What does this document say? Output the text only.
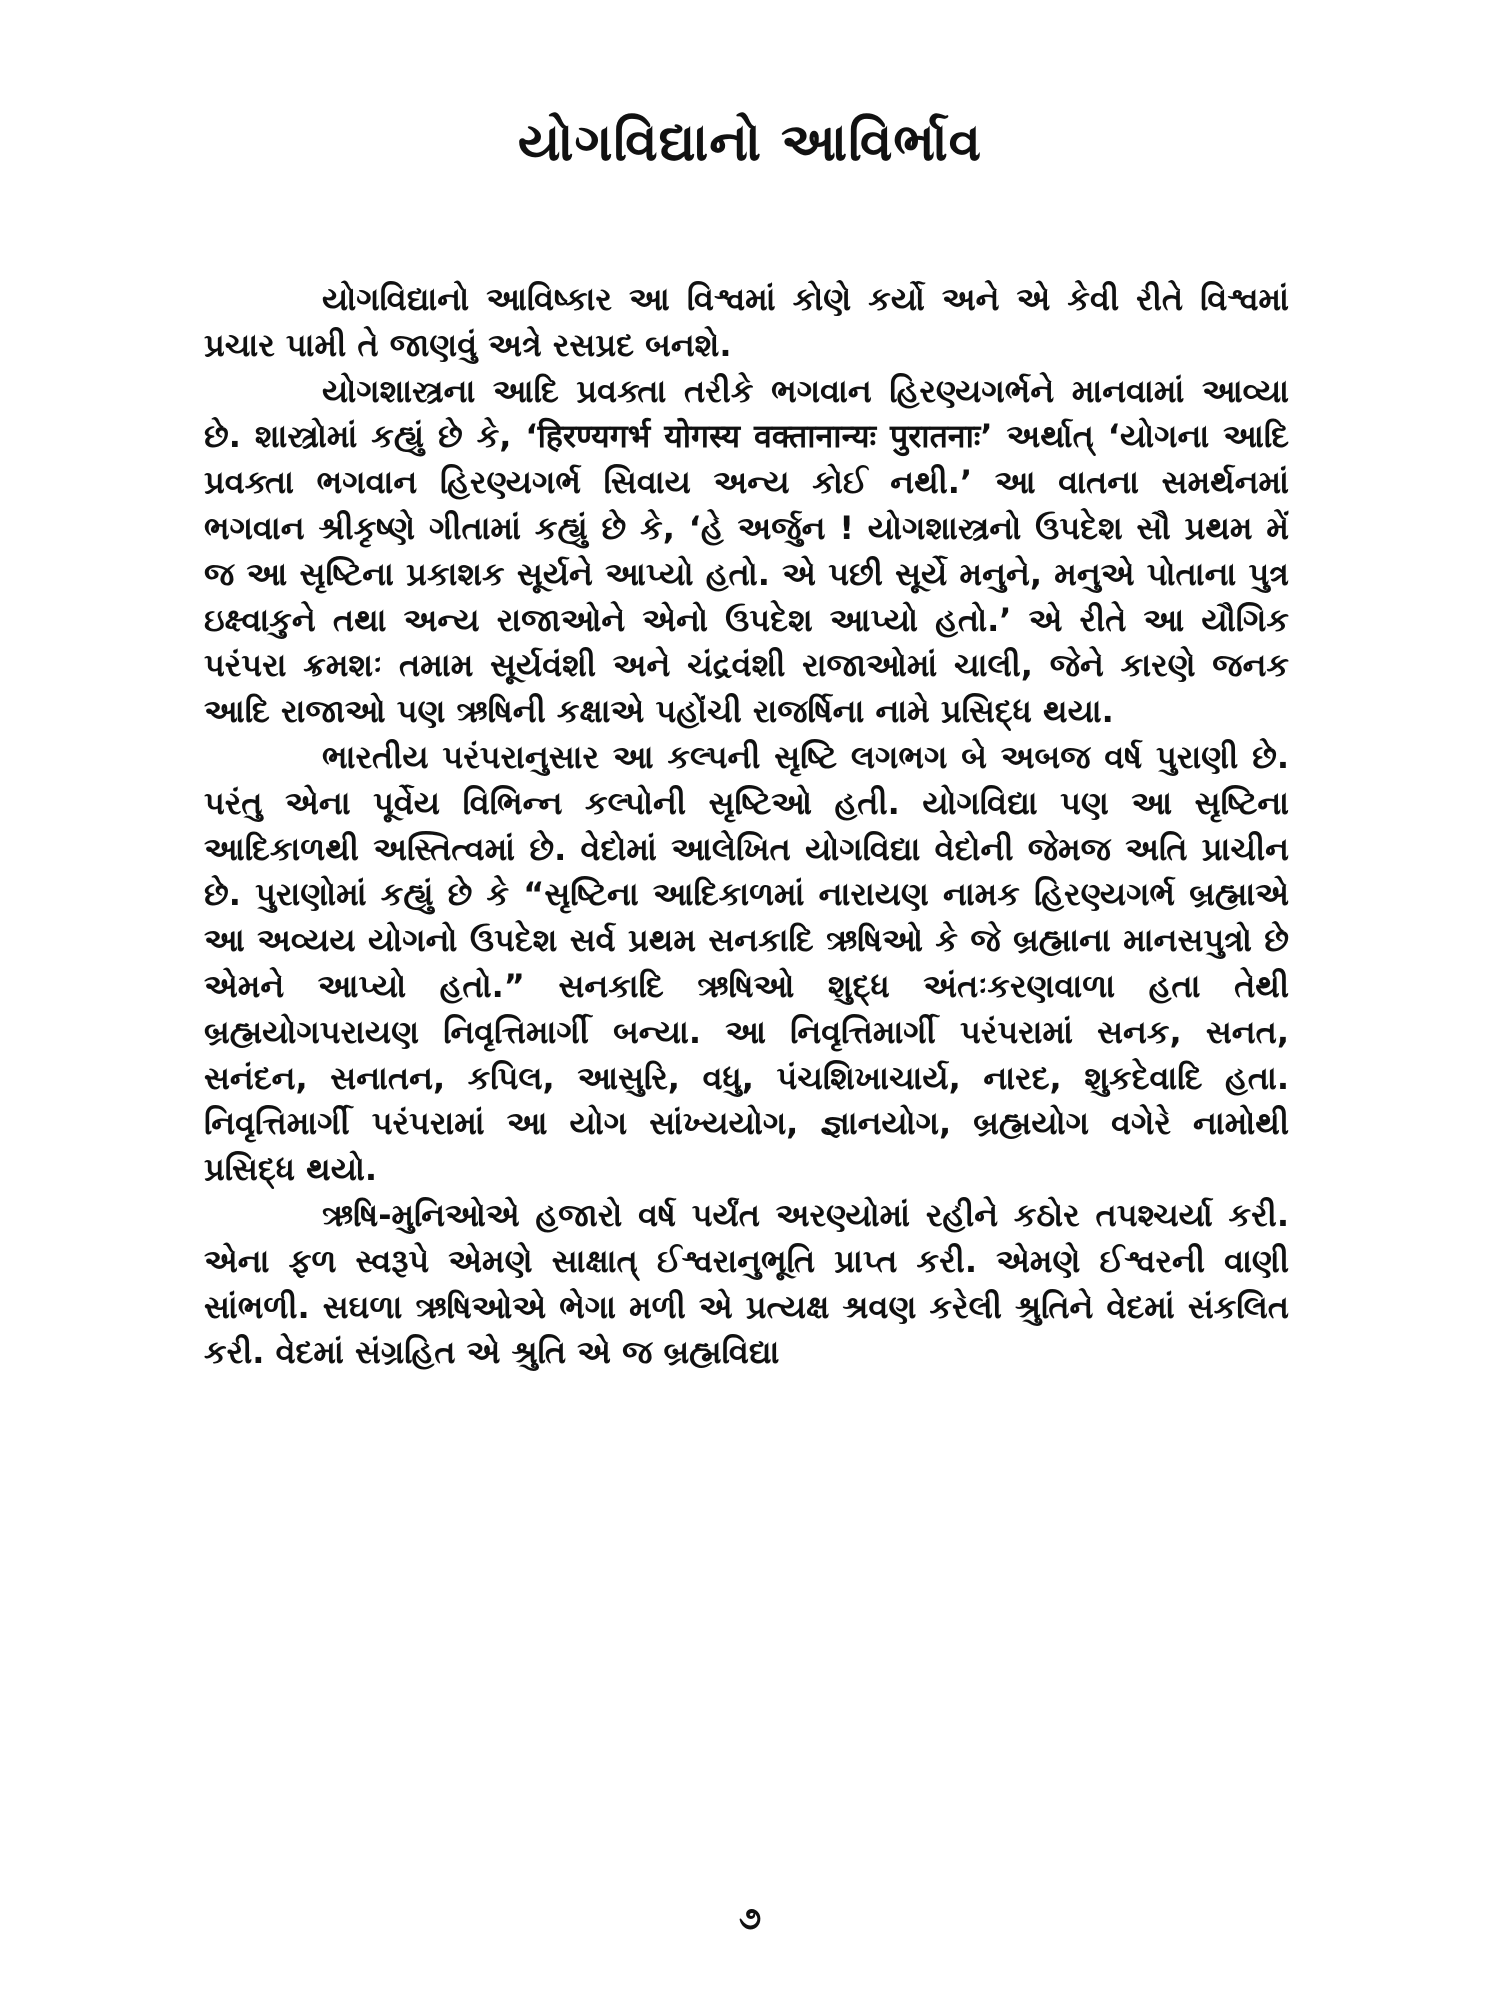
યોગવિદ્યાનો આવિર્ભાવ

યોગવિદ્યાનો આવિષ્કાર આ વિશ્વમાં કોણે કર્યો અને એ કેવી રીતે વિશ્વમાં પ્રચાર પામી તે જાણવું અત્રે રસપ્રદ બનશે.

યોગશાસ્ત્રના આદિ પ્રવક્તા તરીકે ભગવાન હિરણ્યગર્ભને માનવામાં આવ્યા છે. શાસ્ત્રોમાં કહ્યું છે કે, ‘हिरण्यगर्भ योगस्य वक्तानान्यः पुरातनाः’ અર્થાત્ ‘યોગના આદિ પ્રવક્તા ભગવાન હિરણ્યગર્ભ સિવાય અન્ય કોઈ નથી.’ આ વાતના સમર્થનમાં ભગવાન શ્રીકૃષ્ણે ગીતામાં કહ્યું છે કે, ‘હે અર્જુન ! યોગશાસ્ત્રનો ઉપદેશ સૌ પ્રથમ મેં જ આ સૃષ્ટિના પ્રકાશક સૂર્યને આપ્યો હતો. એ પછી સૂર્યે મનુને, મનુએ પોતાના પુત્ર ઇક્ષ્વાકુને તથા અન્ય રાજાઓને એનો ઉપદેશ આપ્યો હતો.’ એ રીતે આ યૌગિક પરંપરા ક્રમશઃ તમામ સૂર્યવંશી અને ચંદ્રવંશી રાજાઓમાં ચાલી, જેને કારણે જનક આદિ રાજાઓ પણ ઋષિની કક્ષાએ પહોંચી રાજર્ષિના નામે પ્રસિદ્ધ થયા.

ભારતીય પરંપરાનુસાર આ કલ્પની સૃષ્ટિ લગભગ બે અબજ વર્ષ પુરાણી છે. પરંતુ એના પૂર્વેય વિભિન્ન કલ્પોની સૃષ્ટિઓ હતી. યોગવિદ્યા પણ આ સૃષ્ટિના આદિકાળથી અસ્તિત્વમાં છે. વેદોમાં આલેખિત યોગવિદ્યા વેદોની જેમજ અતિ પ્રાચીન છે. પુરાણોમાં કહ્યું છે કે “સૃષ્ટિના આદિકાળમાં નારાયણ નામક હિરણ્યગર્ભ બ્રહ્માએ આ અવ્યય યોગનો ઉપદેશ સર્વ પ્રથમ સનકાદિ ઋષિઓ કે જે બ્રહ્માના માનસપુત્રો છે એમને આપ્યો હતો.” સનકાદિ ઋષિઓ શુદ્ધ અંતઃકરણવાળા હતા તેથી બ્રહ્મયોગપરાયણ નિવૃત્તિમાર્ગી બન્યા. આ નિવૃત્તિમાર્ગી પરંપરામાં સનક, સનત, સનંદન, સનાતન, કપિલ, આસુરિ, વધુ, પંચશિખાચાર્ય, નારદ, શુકદેવાદિ હતા. નિવૃત્તિમાર્ગી પરંપરામાં આ યોગ સાંખ્યયોગ, જ્ઞાનયોગ, બ્રહ્મયોગ વગેરે નામોથી પ્રસિદ્ધ થયો.

ઋષિ-મુનિઓએ હજારો વર્ષ પર્યંત અરણ્યોમાં રહીને કઠોર તપશ્ચર્યા કરી. એના ફળ સ્વરૂપે એમણે સાક્ષાત્ ઈશ્વરાનુભૂતિ પ્રાપ્ત કરી. એમણે ઈશ્વરની વાણી સાંભળી. સઘળા ઋષિઓએ ભેગા મળી એ પ્રત્યક્ષ શ્રવણ કરેલી શ્રુતિને વેદમાં સંકલિત કરી. વેદમાં સંગ્રહિત એ શ્રુતિ એ જ બ્રહ્મવિદ્યા

૭
